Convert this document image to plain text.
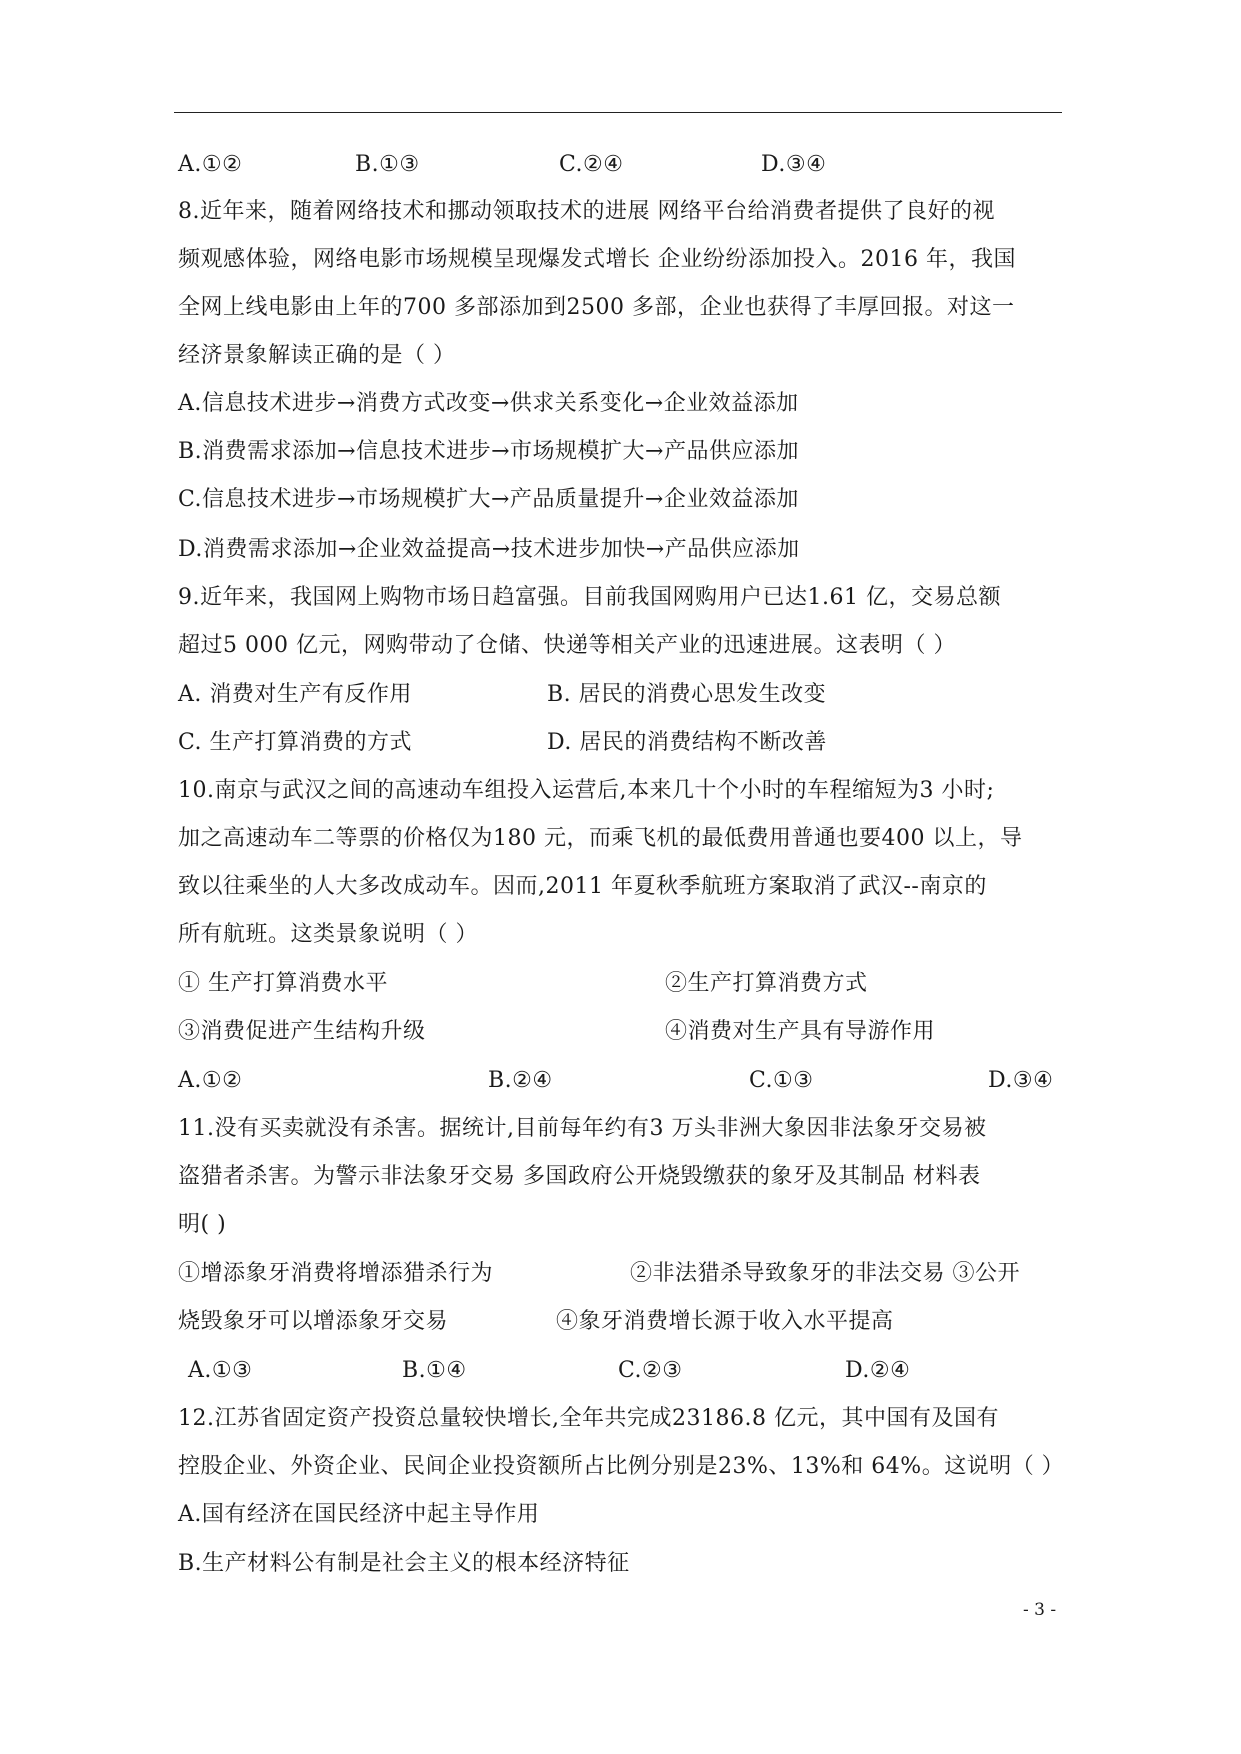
A.①②	B.①③	C.②④	D.③④
8.近年来，随着网络技术和挪动领取技术的进展 网络平台给消费者提供了良好的视
频观感体验，网络电影市场规模呈现爆发式增长 企业纷纷添加投入。2016 年，我国
全网上线电影由上年的700 多部添加到2500 多部，企业也获得了丰厚回报。对这一
经济景象解读正确的是（ ）
A.信息技术进步→消费方式改变→供求关系变化→企业效益添加
B.消费需求添加→信息技术进步→市场规模扩大→产品供应添加
C.信息技术进步→市场规模扩大→产品质量提升→企业效益添加
D.消费需求添加→企业效益提高→技术进步加快→产品供应添加
9.近年来，我国网上购物市场日趋富强。目前我国网购用户已达1.61 亿，交易总额
超过5 000 亿元，网购带动了仓储、快递等相关产业的迅速进展。这表明（ ）
A. 消费对生产有反作用	B. 居民的消费心思发生改变
C. 生产打算消费的方式	D. 居民的消费结构不断改善
10.南京与武汉之间的高速动车组投入运营后,本来几十个小时的车程缩短为3 小时;
加之高速动车二等票的价格仅为180 元，而乘飞机的最低费用普通也要400 以上，导
致以往乘坐的人大多改成动车。因而,2011 年夏秋季航班方案取消了武汉--南京的
所有航班。这类景象说明（ ）
① 生产打算消费水平	②生产打算消费方式
③消费促进产生结构升级	④消费对生产具有导游作用
A.①②	B.②④	C.①③	D.③④
11.没有买卖就没有杀害。据统计,目前每年约有3 万头非洲大象因非法象牙交易被
盗猎者杀害。为警示非法象牙交易 多国政府公开烧毁缴获的象牙及其制品 材料表
明( )
①增添象牙消费将增添猎杀行为	②非法猎杀导致象牙的非法交易 ③公开
烧毁象牙可以增添象牙交易	④象牙消费增长源于收入水平提高
A.①③	B.①④	C.②③	D.②④
12.江苏省固定资产投资总量较快增长,全年共完成23186.8 亿元，其中国有及国有
控股企业、外资企业、民间企业投资额所占比例分别是23%、13%和 64%。这说明（ ）
A.国有经济在国民经济中起主导作用
B.生产材料公有制是社会主义的根本经济特征
- 3 -
